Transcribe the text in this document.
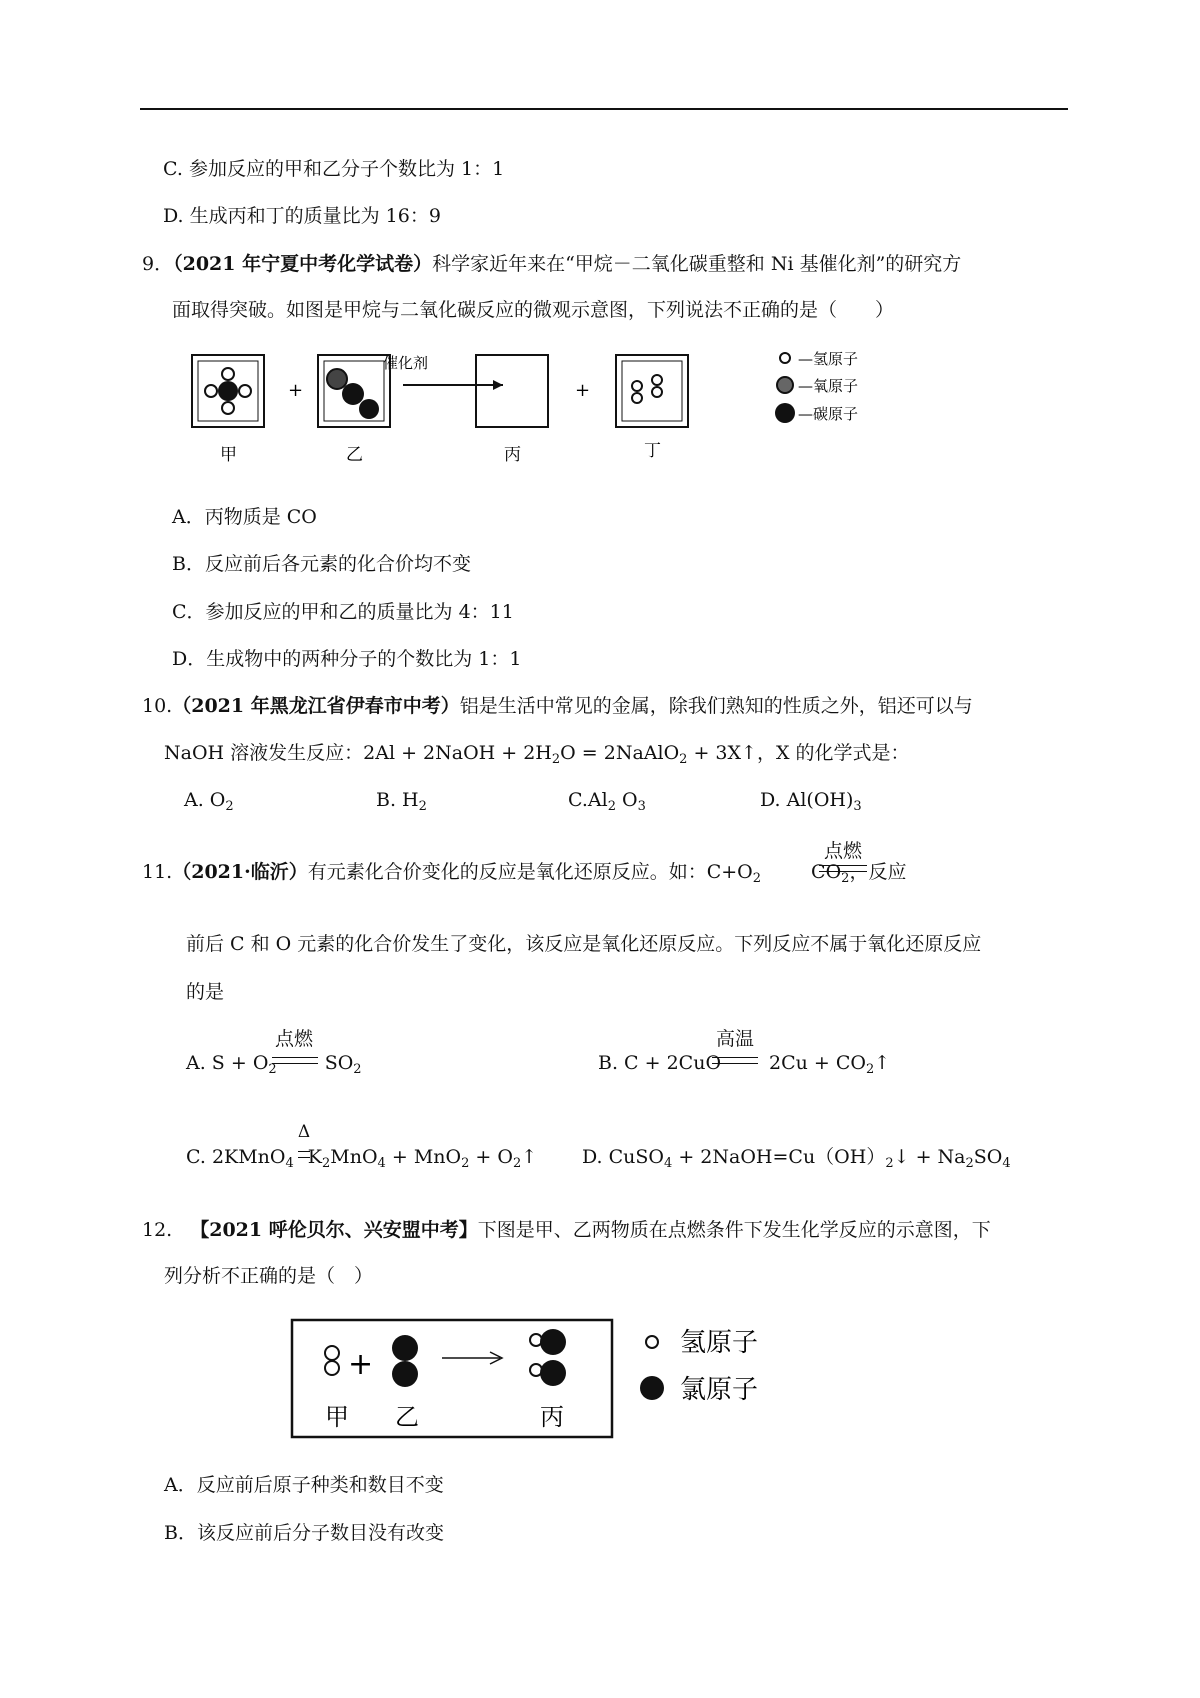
C. 参加反应的甲和乙分子个数比为 1：1
D. 生成丙和丁的质量比为 16：9
9．（2021 年宁夏中考化学试卷）科学家近年来在“甲烷－二氧化碳重整和 Ni 基催化剂”的研究方
面取得突破。如图是甲烷与二氧化碳反应的微观示意图，下列说法不正确的是（　　）
+
催化剂
+
甲	乙	丙	丁
—氢原子
—氧原子
—碳原子
A．丙物质是 CO
B．反应前后各元素的化合价均不变
C．参加反应的甲和乙的质量比为 4：11
D．生成物中的两种分子的个数比为 1：1
10.（2021 年黑龙江省伊春市中考）铝是生活中常见的金属，除我们熟知的性质之外，铝还可以与
NaOH 溶液发生反应：2Al + 2NaOH + $2H_2O$ = 2NaAlO$_2$ + 3X↑，X 的化学式是：
A. $O_2$	B. $H_2$	$C.Al_2$ $O_3$	D. $Al(OH)_3$
11.（2021·临沂）有元素化合价变化的反应是氧化还原反应。如：$C+O_2$	$CO_2$，反应
点燃
前后 C 和 O 元素的化合价发生了变化，该反应是氧化还原反应。下列反应不属于氧化还原反应
的是
A. $S + O_2$	$SO_2$
点燃
B. C + 2CuO	$2Cu + CO_2↑$
高温
C. 2KMnO$_4$ $K_2MnO_4 + MnO_2$ + $O_2↑$
Δ
D. CuSO$_4$ + $2NaOH=Cu(OH)_2↓ + Na_2SO_4$
12. 【2021 呼伦贝尔、兴安盟中考】下图是甲、乙两物质在点燃条件下发生化学反应的示意图，下
列分析不正确的是（　）
+
甲 乙	丙
氢原子
氯原子
A．反应前后原子种类和数目不变
B．该反应前后分子数目没有改变
